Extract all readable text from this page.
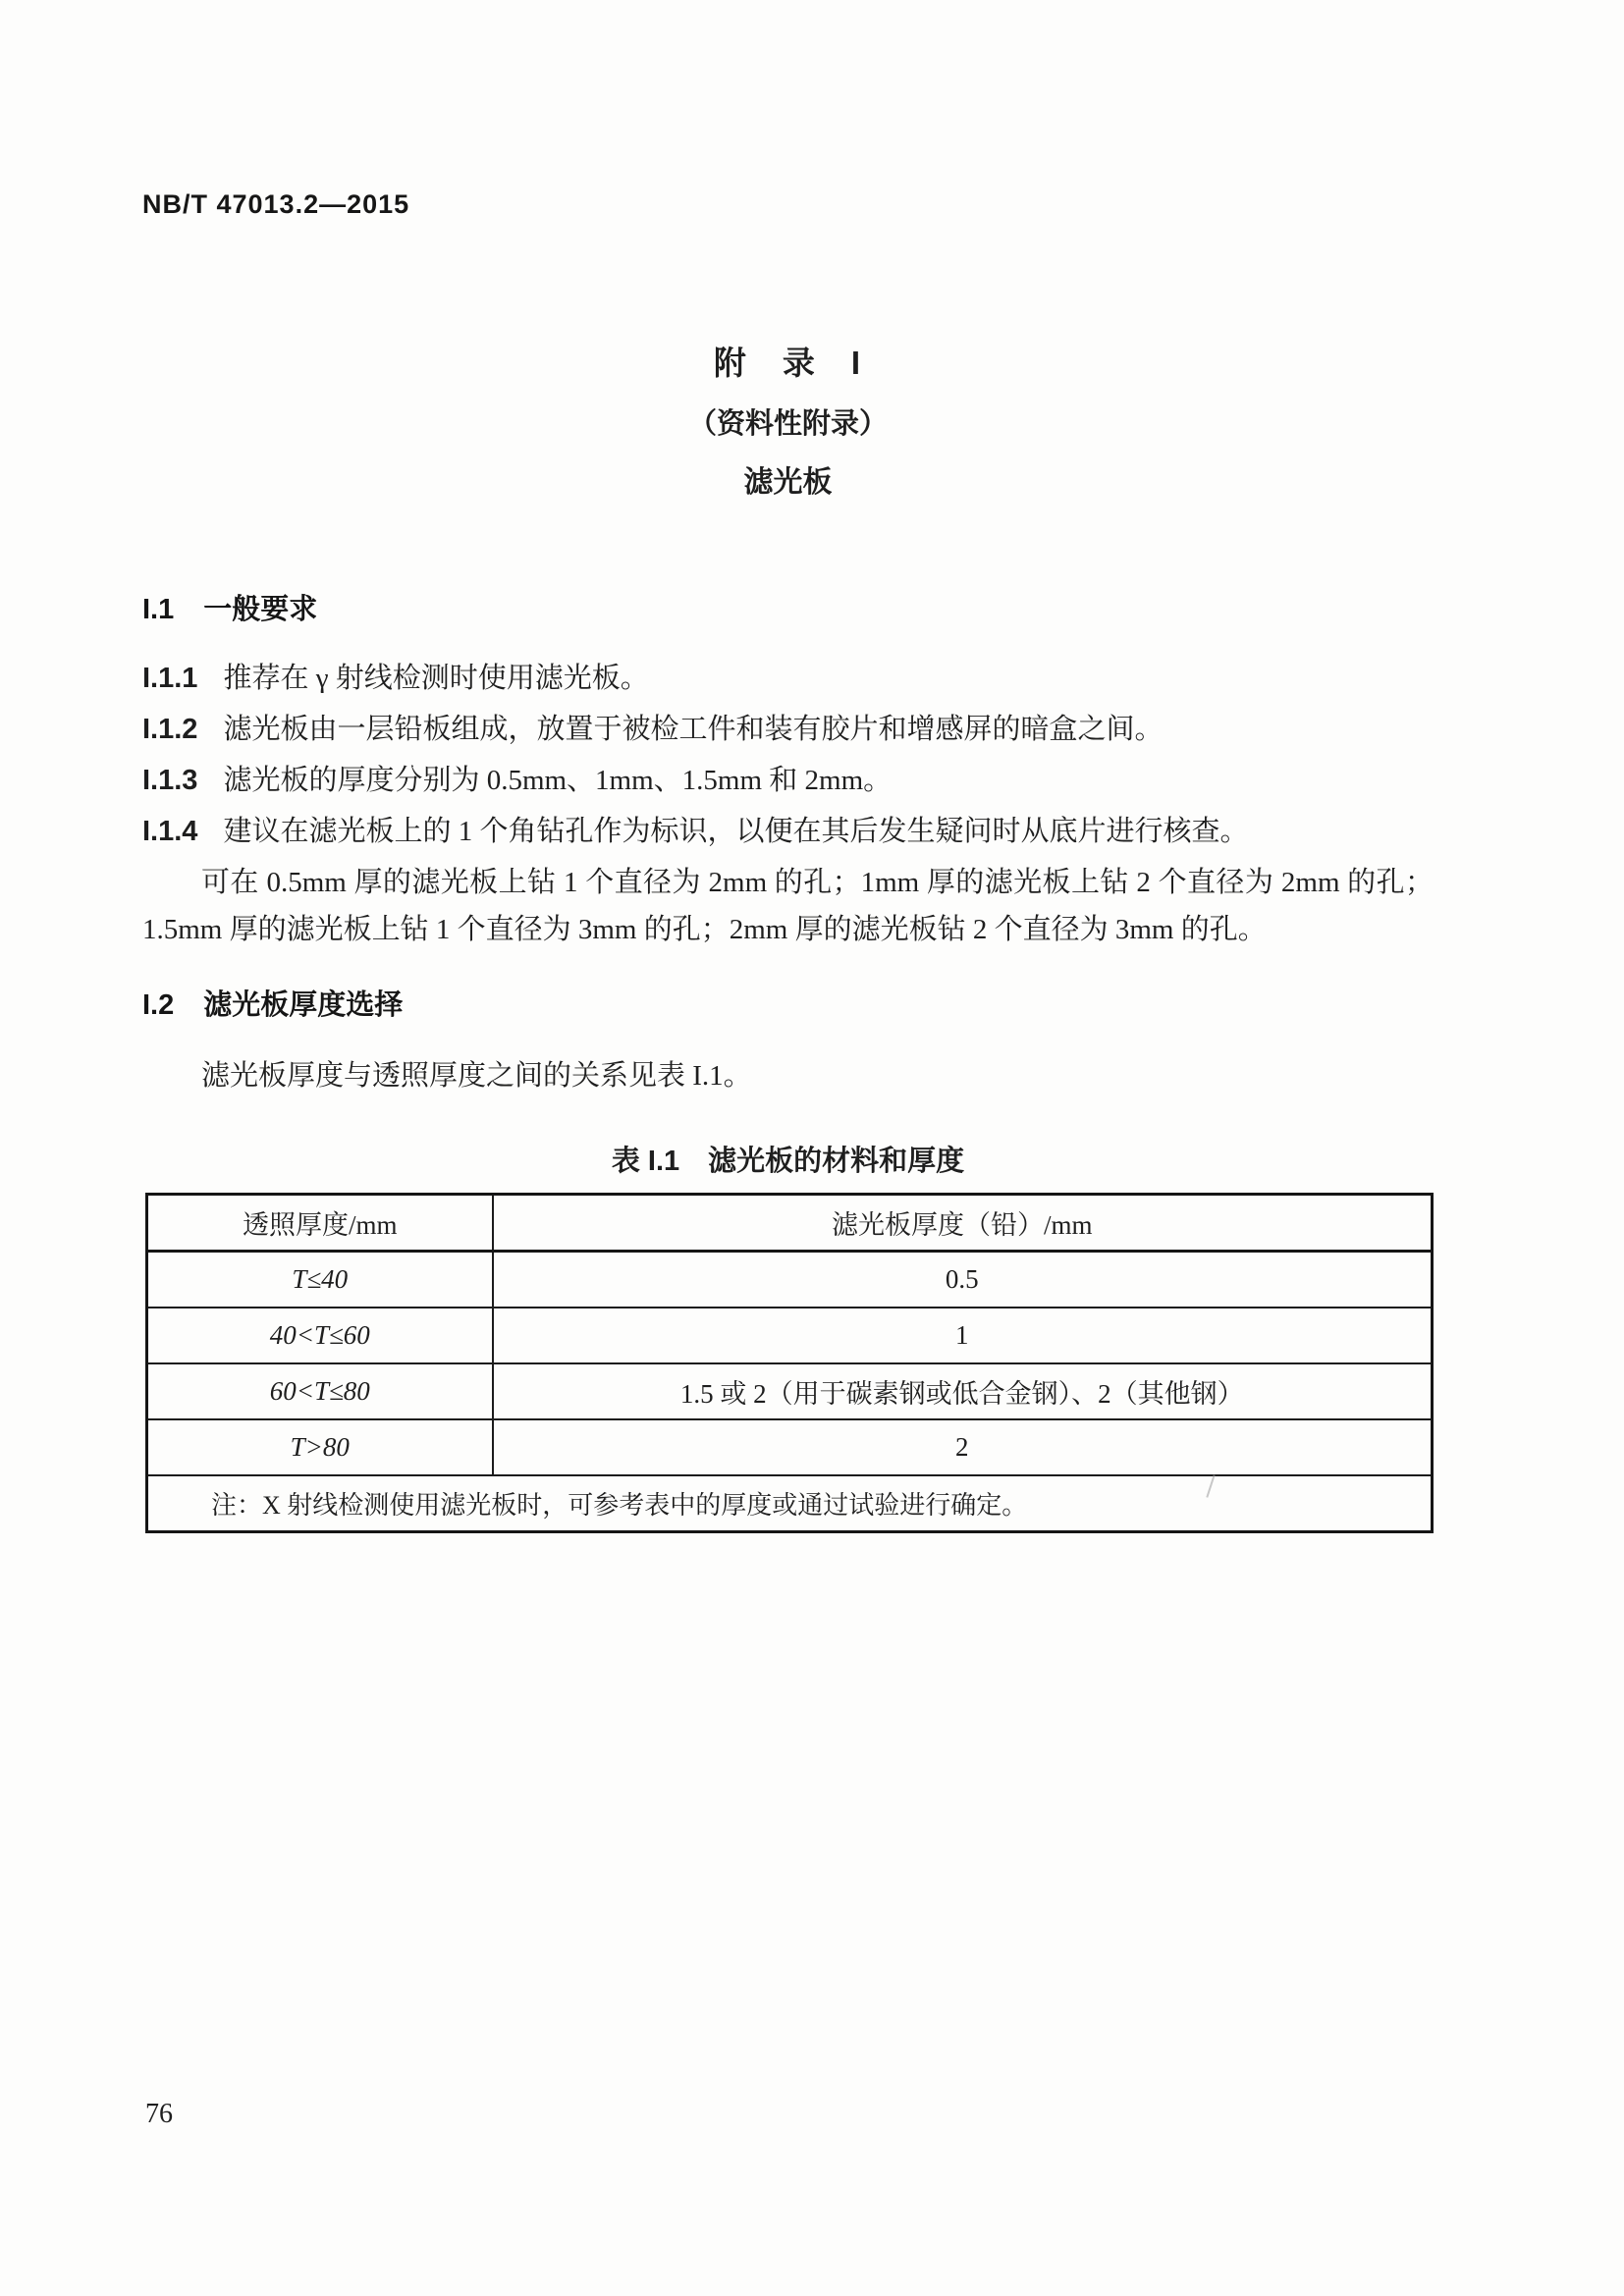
NB/T 47013.2—2015
附　录　I
（资料性附录）
滤光板
I.1 一般要求
I.1.1 推荐在 γ 射线检测时使用滤光板。
I.1.2 滤光板由一层铅板组成，放置于被检工件和装有胶片和增感屏的暗盒之间。
I.1.3 滤光板的厚度分别为 0.5mm、1mm、1.5mm 和 2mm。
I.1.4 建议在滤光板上的 1 个角钻孔作为标识，以便在其后发生疑问时从底片进行核查。

可在 0.5mm 厚的滤光板上钻 1 个直径为 2mm 的孔；1mm 厚的滤光板上钻 2 个直径为 2mm 的孔；1.5mm 厚的滤光板上钻 1 个直径为 3mm 的孔；2mm 厚的滤光板钻 2 个直径为 3mm 的孔。

I.2 滤光板厚度选择

滤光板厚度与透照厚度之间的关系见表 I.1。

表 I.1　滤光板的材料和厚度
透照厚度/mm	滤光板厚度（铅）/mm
T≤40	0.5
40<T≤60	1
60<T≤80	1.5 或 2（用于碳素钢或低合金钢）、2（其他钢）
T>80	2
注：X 射线检测使用滤光板时，可参考表中的厚度或通过试验进行确定。	
76
